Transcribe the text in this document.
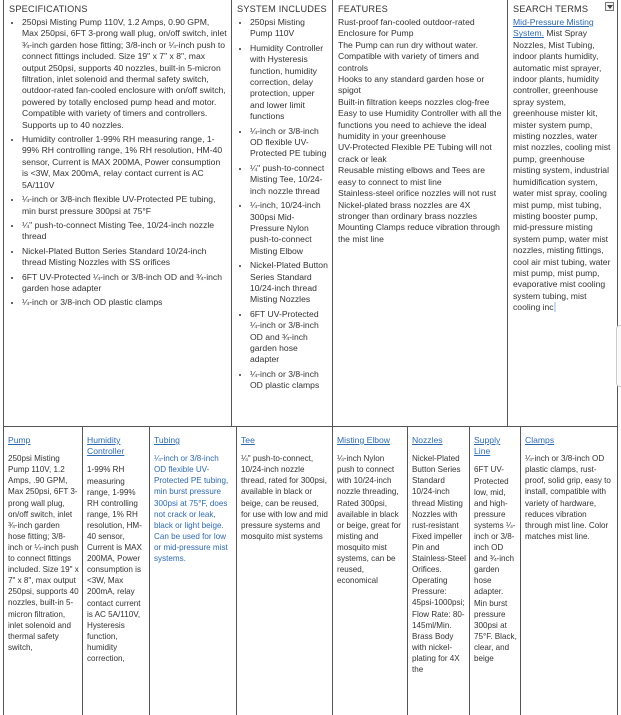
SPECIFICATIONS
• 250psi Misting Pump 110V, 1.2 Amps, 0.90 GPM, Max 250psi, 6FT 3-prong wall plug, on/off switch, inlet ¾-inch garden hose fitting; 3/8-inch or ¼-inch push to connect fittings included. Size 19" x 7" x 8", max output 250psi, supports 40 nozzles, built-in 5-micron filtration, inlet solenoid and thermal safety switch, outdoor-rated fan-cooled enclosure with on/off switch, powered by totally enclosed pump head and motor. Compatible with variety of timers and controllers. Supports up to 40 nozzles.
• Humidity controller 1-99% RH measuring range, 1-99% RH controlling range, 1% RH resolution, HM-40 sensor, Current is MAX 200MA, Power consumption is <3W, Max 200mA, relay contact current is AC 5A/110V
• ¼-inch or 3/8-inch flexible UV-Protected PE tubing, min burst pressure 300psi at 75°F
• ¼" push-to-connect Misting Tee, 10/24-inch nozzle thread
• Nickel-Plated Button Series Standard 10/24-inch thread Misting Nozzles with SS orifices
• 6FT UV-Protected ¼-inch or 3/8-inch OD and ¾-inch garden hose adapter
• ¼-inch or 3/8-inch OD plastic clamps
SYSTEM INCLUDES
• 250psi Misting Pump 110V
• Humidity Controller with Hysteresis function, humidity correction, delay protection, upper and lower limit functions
• ¼-inch or 3/8-inch OD flexible UV-Protected PE tubing
• ¼" push-to-connect Misting Tee, 10/24-inch nozzle thread
• ¼-inch, 10/24-inch 300psi Mid-Pressure Nylon push-to-connect Misting Elbow
• Nickel-Plated Button Series Standard 10/24-inch thread Misting Nozzles
• 6FT UV-Protected ¼-inch or 3/8-inch OD and ¾-inch garden hose adapter
• ¼-inch or 3/8-inch OD plastic clamps
FEATURES

Rust-proof fan-cooled outdoor-rated Enclosure for Pump

The Pump can run dry without water.

Compatible with variety of timers and controls

Hooks to any standard garden hose or spigot

Built-in filtration keeps nozzles clog-free

Easy to use Humidity Controller with all the functions you need to achieve the ideal humidity in your greenhouse

UV-Protected Flexible PE Tubing will not crack or leak

Reusable misting elbows and Tees are easy to connect to mist line

Stainless-steel orifice nozzles will not rust

Nickel-plated brass nozzles are 4X stronger than ordinary brass nozzles

Mounting Clamps reduce vibration through the mist line

SEARCH TERMS
Mid-Pressure Misting System. Mist Spray Nozzles, Mist Tubing, indoor plants humidity, automatic mist sprayer, indoor plants, humidity controller, greenhouse spray system, greenhouse mister kit, mister system pump, misting nozzles, water mist nozzles, cooling mist pump, greenhouse misting system, industrial humidification system, water mist spray, cooling mist pump, mist tubing, misting booster pump, mid-pressure misting system pump, water mist nozzles, misting fittings, cool air mist tubing, water mist pump, mist pump, evaporative mist cooling system tubing, mist cooling inc
Pump
250psi Misting Pump 110V, 1.2 Amps, .90 GPM, Max 250psi, 6FT 3-prong wall plug, on/off switch, inlet ¾-inch garden hose fitting; 3/8-inch or ¼-inch push to connect fittings included. Size 19" x 7" x 8", max output 250psi, supports 40 nozzles, built-in 5-micron filtration, inlet solenoid and thermal safety switch,
Humidity Controller
1-99% RH measuring range, 1-99% RH controlling range, 1% RH resolution, HM-40 sensor, Current is MAX 200MA, Power consumption is <3W, Max 200mA, relay contact current is AC 5A/110V, Hysteresis function, humidity correction,
Tubing
¼-inch or 3/8-inch OD flexible UV-Protected PE tubing, min burst pressure 300psi at 75°F, does not crack or leak, black or light beige. Can be used for low or mid-pressure mist systems.
Tee
¼" push-to-connect, 10/24-inch nozzle thread, rated for 300psi, available in black or beige, can be reused, for use with low and mid pressure systems and mosquito mist systems
Misting Elbow
¼-inch Nylon push to connect with 10/24-inch nozzle threading, Rated 300psi, available in black or beige, great for misting and mosquito mist systems, can be reused, economical
Nozzles
Nickel-Plated Button Series Standard 10/24-inch thread Misting Nozzles with rust-resistant Fixed impeller Pin and Stainless-Steel Orifices. Operating Pressure: 45psi-1000psi; Flow Rate: 80-145ml/Min. Brass Body with nickel-plating for 4X the
Supply Line
6FT UV-Protected low, mid, and high-pressure systems ¼-inch or 3/8-inch OD and ¾-inch garden hose adapter. Min burst pressure 300psi at 75°F. Black, clear, and beige
Clamps
¼-inch or 3/8-inch OD plastic clamps, rust-proof, solid grip, easy to install, compatible with variety of hardware, reduces vibration through mist line. Color matches mist line.
